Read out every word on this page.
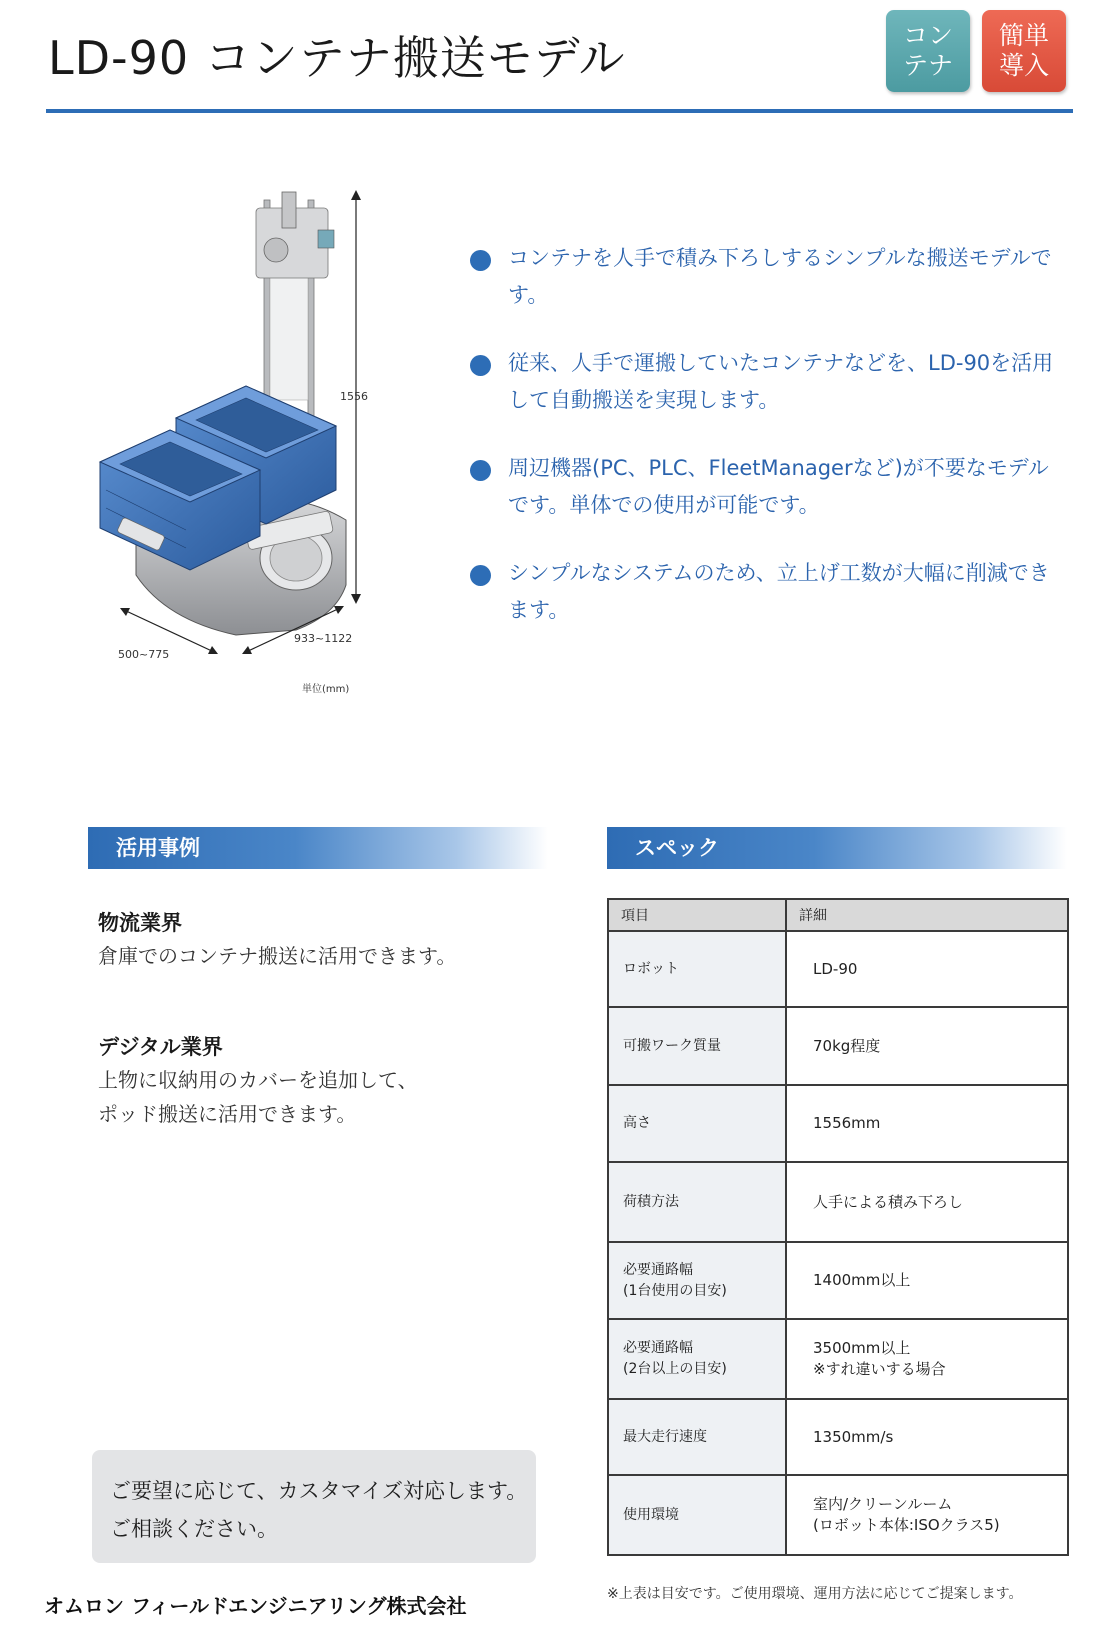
LD-90 コンテナ搬送モデル	コンテナ
簡単導入
1556
500~775
933~1122
単位(mm)
コンテナを人手で積み下ろしするシンプルな搬送モデルです。
従来、人手で運搬していたコンテナなどを、LD-90を活用して自動搬送を実現します。
周辺機器(PC、PLC、FleetManagerなど)が不要なモデルです。単体での使用が可能です。
シンプルなシステムのため、立上げ工数が大幅に削減できます。
活用事例
物流業界
倉庫でのコンテナ搬送に活用できます。
デジタル業界
上物に収納用のカバーを追加して、
ポッド搬送に活用できます。
ご要望に応じて、カスタマイズ対応します。
ご相談ください。
オムロン フィールドエンジニアリング株式会社
スペック
項目	詳細
ロボット	LD-90
可搬ワーク質量	70kg程度
高さ	1556mm
荷積方法	人手による積み下ろし
必要通路幅
(1台使用の目安)	1400mm以上
必要通路幅
(2台以上の目安)	3500mm以上
※すれ違いする場合
最大走行速度	1350mm/s
使用環境	室内/クリーンルーム
(ロボット本体:ISOクラス5)
※上表は目安です。ご使用環境、運用方法に応じてご提案します。
